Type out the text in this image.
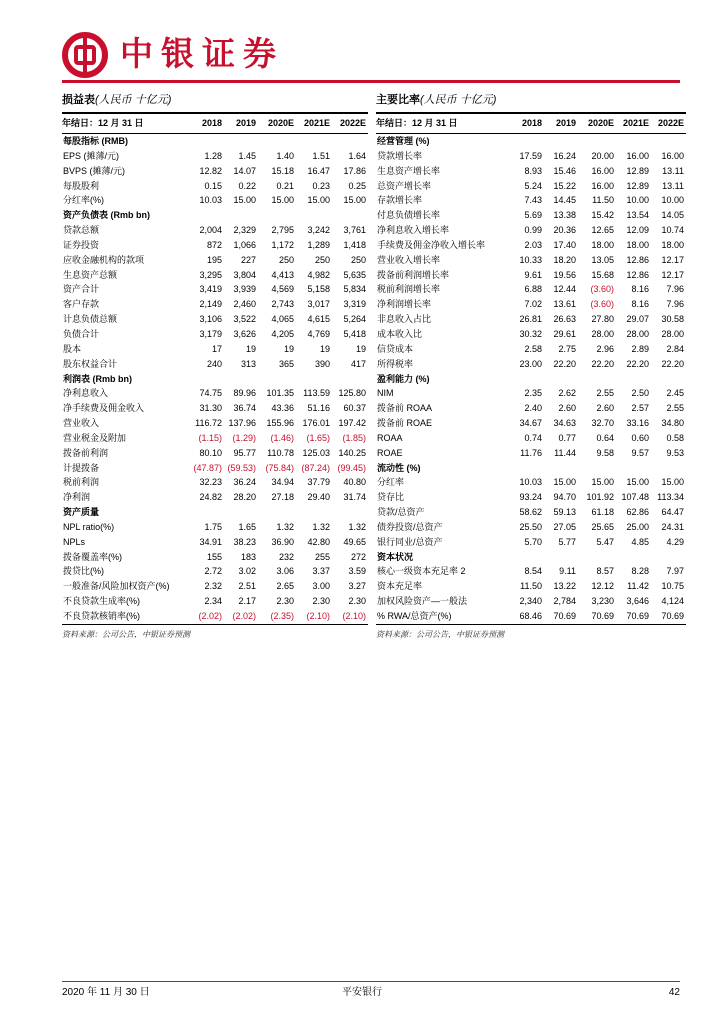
中银证券
损益表(人民币 十亿元)
年结日：12 月 31 日	2018	2019	2020E	2021E	2022E
每股指标 (RMB)					
EPS (摊薄/元)	1.28	1.45	1.40	1.51	1.64
BVPS (摊薄/元)	12.82	14.07	15.18	16.47	17.86
每股股利	0.15	0.22	0.21	0.23	0.25
分红率(%)	10.03	15.00	15.00	15.00	15.00
资产负债表 (Rmb bn)					
贷款总额	2,004	2,329	2,795	3,242	3,761
证券投资	872	1,066	1,172	1,289	1,418
应收金融机构的款项	195	227	250	250	250
生息资产总额	3,295	3,804	4,413	4,982	5,635
资产合计	3,419	3,939	4,569	5,158	5,834
客户存款	2,149	2,460	2,743	3,017	3,319
计息负债总额	3,106	3,522	4,065	4,615	5,264
负债合计	3,179	3,626	4,205	4,769	5,418
股本	17	19	19	19	19
股东权益合计	240	313	365	390	417
利润表 (Rmb bn)					
净利息收入	74.75	89.96	101.35	113.59	125.80
净手续费及佣金收入	31.30	36.74	43.36	51.16	60.37
营业收入	116.72	137.96	155.96	176.01	197.42
营业税金及附加	(1.15)	(1.29)	(1.46)	(1.65)	(1.85)
拨备前利润	80.10	95.77	110.78	125.03	140.25
计提拨备	(47.87)	(59.53)	(75.84)	(87.24)	(99.45)
税前利润	32.23	36.24	34.94	37.79	40.80
净利润	24.82	28.20	27.18	29.40	31.74
资产质量					
NPL ratio(%)	1.75	1.65	1.32	1.32	1.32
NPLs	34.91	38.23	36.90	42.80	49.65
拨备覆盖率(%)	155	183	232	255	272
拨贷比(%)	2.72	3.02	3.06	3.37	3.59
一般准备/风险加权资产(%)	2.32	2.51	2.65	3.00	3.27
不良贷款生成率(%)	2.34	2.17	2.30	2.30	2.30
不良贷款核销率(%)	(2.02)	(2.02)	(2.35)	(2.10)	(2.10)
资料来源：公司公告，中银证券预测
主要比率(人民币 十亿元)
年结日：12 月 31 日	2018	2019	2020E	2021E	2022E
经营管理 (%)					
贷款增长率	17.59	16.24	20.00	16.00	16.00
生息资产增长率	8.93	15.46	16.00	12.89	13.11
总资产增长率	5.24	15.22	16.00	12.89	13.11
存款增长率	7.43	14.45	11.50	10.00	10.00
付息负债增长率	5.69	13.38	15.42	13.54	14.05
净利息收入增长率	0.99	20.36	12.65	12.09	10.74
手续费及佣金净收入增长率	2.03	17.40	18.00	18.00	18.00
营业收入增长率	10.33	18.20	13.05	12.86	12.17
拨备前利润增长率	9.61	19.56	15.68	12.86	12.17
税前利润增长率	6.88	12.44	(3.60)	8.16	7.96
净利润增长率	7.02	13.61	(3.60)	8.16	7.96
非息收入占比	26.81	26.63	27.80	29.07	30.58
成本收入比	30.32	29.61	28.00	28.00	28.00
信贷成本	2.58	2.75	2.96	2.89	2.84
所得税率	23.00	22.20	22.20	22.20	22.20
盈利能力 (%)					
NIM	2.35	2.62	2.55	2.50	2.45
拨备前 ROAA	2.40	2.60	2.60	2.57	2.55
拨备前 ROAE	34.67	34.63	32.70	33.16	34.80
ROAA	0.74	0.77	0.64	0.60	0.58
ROAE	11.76	11.44	9.58	9.57	9.53
流动性 (%)					
分红率	10.03	15.00	15.00	15.00	15.00
贷存比	93.24	94.70	101.92	107.48	113.34
贷款/总资产	58.62	59.13	61.18	62.86	64.47
债券投资/总资产	25.50	27.05	25.65	25.00	24.31
银行同业/总资产	5.70	5.77	5.47	4.85	4.29
资本状况					
核心一级资本充足率 2	8.54	9.11	8.57	8.28	7.97
资本充足率	11.50	13.22	12.12	11.42	10.75
加权风险资产—一般法	2,340	2,784	3,230	3,646	4,124
% RWA/总资产(%)	68.46	70.69	70.69	70.69	70.69
资料来源：公司公告，中银证券预测
2020 年 11 月 30 日	平安银行	42
